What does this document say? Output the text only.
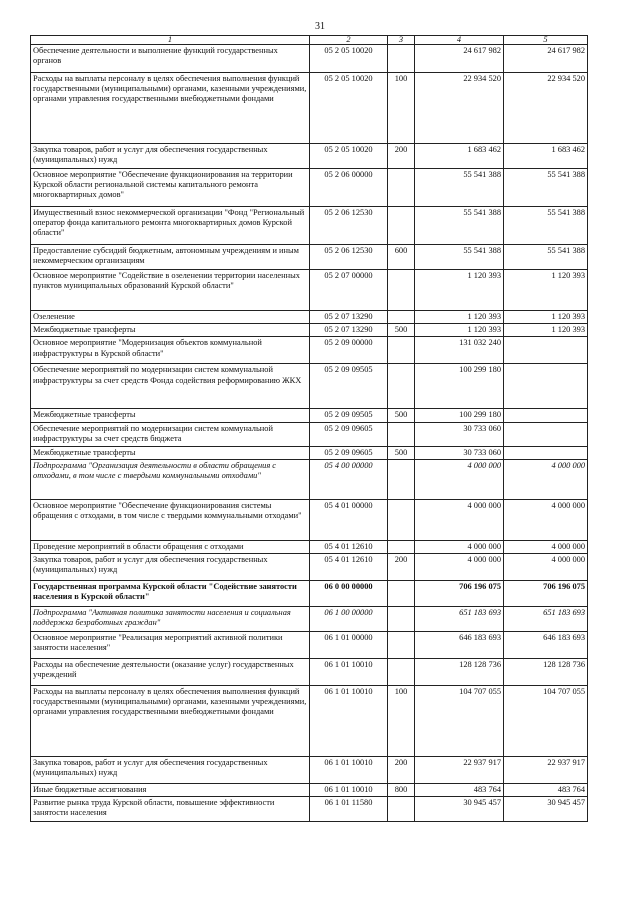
31
1	2	3	4	5
Обеспечение деятельности и выполнение функций государственных органов	05 2 05 10020		24 617 982	24 617 982
Расходы на выплаты персоналу в целях обеспечения выполнения функций государственными (муниципальными) органами, казенными учреждениями, органами управления государственными внебюджетными фондами	05 2 05 10020	100	22 934 520	22 934 520
Закупка товаров, работ и услуг для обеспечения государственных (муниципальных) нужд	05 2 05 10020	200	1 683 462	1 683 462
Основное мероприятие "Обеспечение функционирования на территории Курской области региональной системы капитального ремонта многоквартирных домов"	05 2 06 00000		55 541 388	55 541 388
Имущественный взнос некоммерческой организации "Фонд "Региональный оператор фонда капитального ремонта многоквартирных домов Курской области"	05 2 06 12530		55 541 388	55 541 388
Предоставление субсидий бюджетным, автономным учреждениям и иным некоммерческим организациям	05 2 06 12530	600	55 541 388	55 541 388
Основное мероприятие "Содействие в озеленении территории населенных пунктов муниципальных образований Курской области"	05 2 07 00000		1 120 393	1 120 393
Озеленение	05 2 07 13290		1 120 393	1 120 393
Межбюджетные трансферты	05 2 07 13290	500	1 120 393	1 120 393
Основное мероприятие "Модернизация объектов коммунальной инфраструктуры в Курской области"	05 2 09 00000		131 032 240	
Обеспечение мероприятий по модернизации систем коммунальной инфраструктуры за счет средств Фонда содействия реформированию ЖКХ	05 2 09 09505		100 299 180	
Межбюджетные трансферты	05 2 09 09505	500	100 299 180	
Обеспечение мероприятий по модернизации систем коммунальной инфраструктуры за счет средств бюджета	05 2 09 09605		30 733 060	
Межбюджетные трансферты	05 2 09 09605	500	30 733 060	
Подпрограмма "Организация деятельности в области обращения с отходами, в том числе с твердыми коммунальными отходами"	05 4 00 00000		4 000 000	4 000 000
Основное мероприятие "Обеспечение функционирования системы обращения с отходами, в том числе с твердыми коммунальными отходами"	05 4 01 00000		4 000 000	4 000 000
Проведение мероприятий в области обращения с отходами	05 4 01 12610		4 000 000	4 000 000
Закупка товаров, работ и услуг для обеспечения государственных (муниципальных) нужд	05 4 01 12610	200	4 000 000	4 000 000
Государственная программа Курской области "Содействие занятости населения в Курской области"	06 0 00 00000		706 196 075	706 196 075
Подпрограмма "Активная политика занятости населения и социальная поддержка безработных граждан"	06 1 00 00000		651 183 693	651 183 693
Основное мероприятие "Реализация мероприятий активной политики занятости населения"	06 1 01 00000		646 183 693	646 183 693
Расходы на обеспечение деятельности (оказание услуг) государственных учреждений	06 1 01 10010		128 128 736	128 128 736
Расходы на выплаты персоналу в целях обеспечения выполнения функций государственными (муниципальными) органами, казенными учреждениями, органами управления государственными внебюджетными фондами	06 1 01 10010	100	104 707 055	104 707 055
Закупка товаров, работ и услуг для обеспечения государственных (муниципальных) нужд	06 1 01 10010	200	22 937 917	22 937 917
Иные бюджетные ассигнования	06 1 01 10010	800	483 764	483 764
Развитие рынка труда Курской области, повышение эффективности занятости населения	06 1 01 11580		30 945 457	30 945 457
